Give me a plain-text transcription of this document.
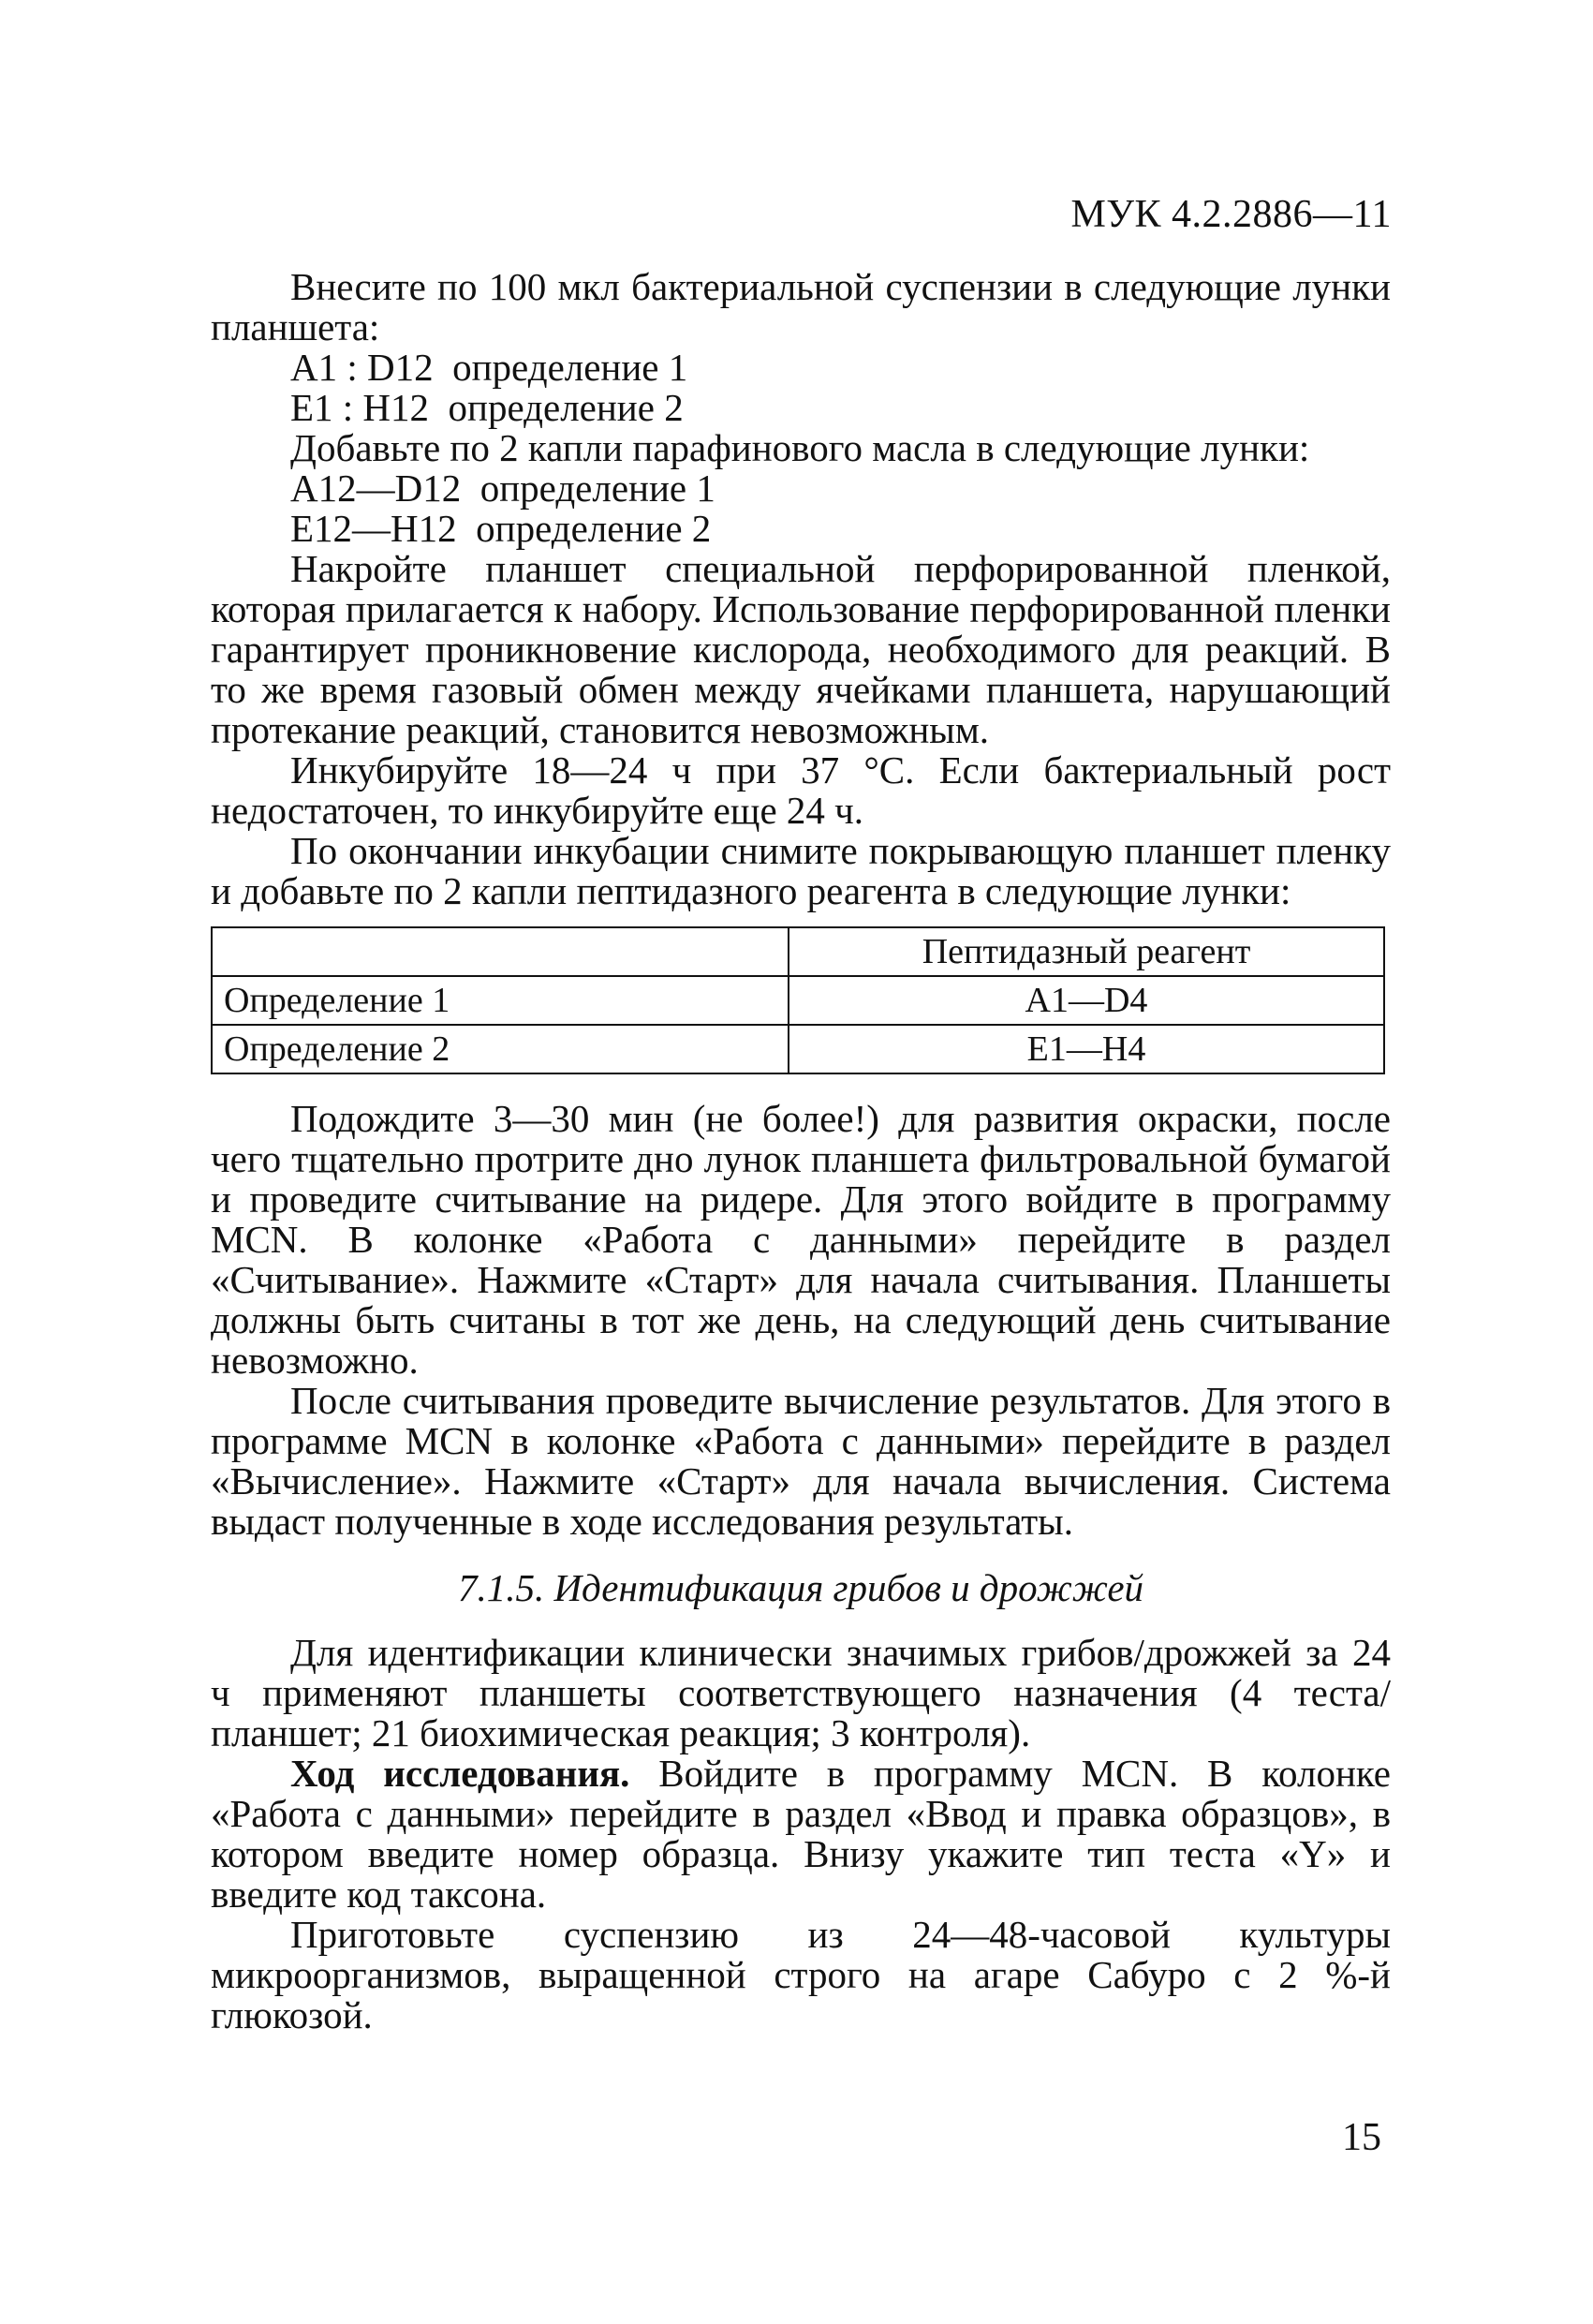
МУК 4.2.2886—11

Внесите по 100 мкл бактериальной суспензии в следующие лунки планшета:

A1 : D12  определение 1
E1 : H12  определение 2
Добавьте по 2 капли парафинового масла в следующие лунки:
A12—D12  определение 1
E12—H12  определение 2

Накройте планшет специальной перфорированной пленкой, которая прилагается к набору. Использование перфорированной пленки гарантирует проникновение кислорода, необходимого для реакций. В то же время газовый обмен между ячейками планшета, нарушающий протекание реакций, становится невозможным.

Инкубируйте 18—24 ч при 37 °С. Если бактериальный рост недостаточен, то инкубируйте еще 24 ч.

По окончании инкубации снимите покрывающую планшет пленку и добавьте по 2 капли пептидазного реагента в следующие лунки:

	Пептидазный реагент
Определение 1	A1—D4
Определение 2	E1—H4

Подождите 3—30 мин (не более!) для развития окраски, после чего тщательно протрите дно лунок планшета фильтровальной бумагой и проведите считывание на ридере. Для этого войдите в программу MCN. В колонке «Работа с данными» перейдите в раздел «Считывание». Нажмите «Старт» для начала считывания. Планшеты должны быть считаны в тот же день, на следующий день считывание невозможно.

После считывания проведите вычисление результатов. Для этого в программе MCN в колонке «Работа с данными» перейдите в раздел «Вычисление». Нажмите «Старт» для начала вычисления. Система выдаст полученные в ходе исследования результаты.

7.1.5. Идентификация грибов и дрожжей

Для идентификации клинически значимых грибов/дрожжей за 24 ч применяют планшеты соответствующего назначения (4 теста/планшет; 21 биохимическая реакция; 3 контроля).

Ход исследования. Войдите в программу MCN. В колонке «Работа с данными» перейдите в раздел «Ввод и правка образцов», в котором введите номер образца. Внизу укажите тип теста «Y» и введите код таксона.

Приготовьте суспензию из 24—48-часовой культуры микроорганизмов, выращенной строго на агаре Сабуро с 2 %-й глюкозой.

15
